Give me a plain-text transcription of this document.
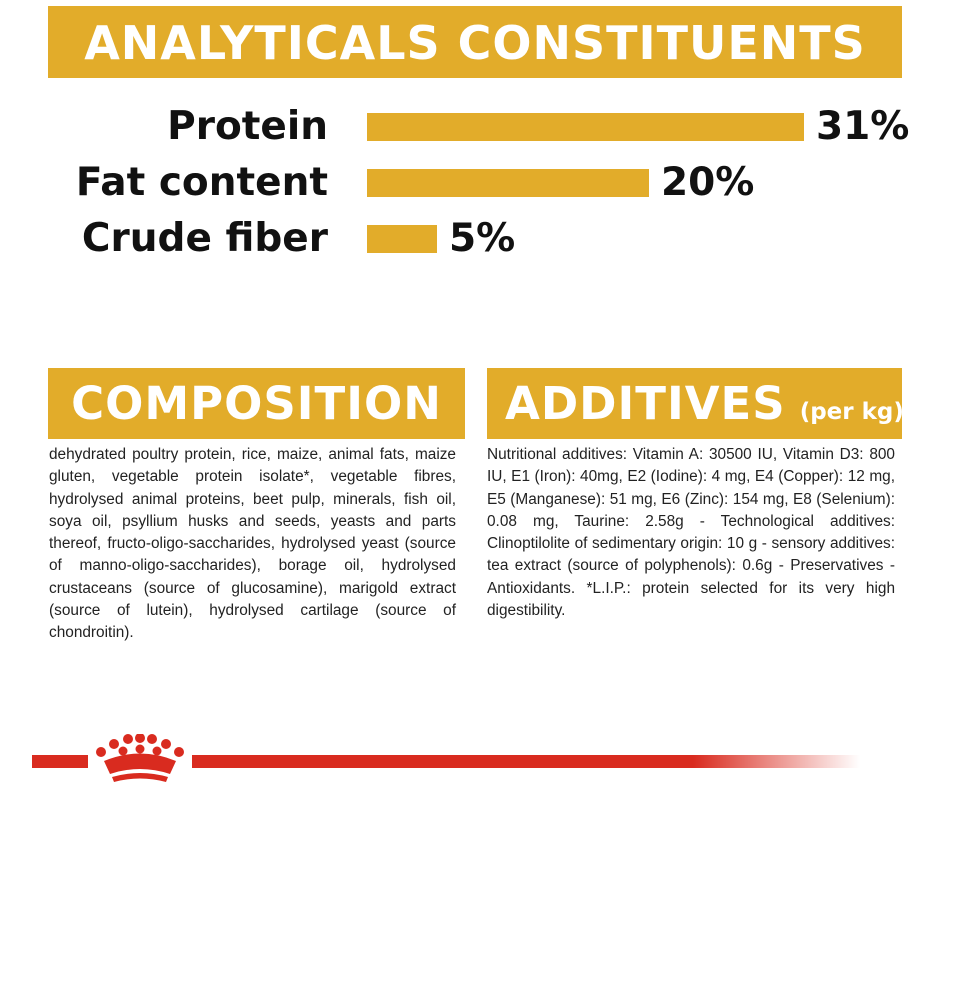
ANALYTICALS CONSTITUENTS
Protein	31%
Fat content	20%
Crude fiber	5%
COMPOSITION

dehydrated poultry protein, rice, maize, animal fats, maize gluten, vegetable protein isolate*, vegetable fibres, hydrolysed animal proteins, beet pulp, minerals, fish oil, soya oil, psyllium husks and seeds, yeasts and parts thereof, fructo-oligo-saccharides, hydrolysed yeast (source of manno-oligo-saccharides), borage oil, hydrolysed crustaceans (source of glucosamine), marigold extract (source of lutein), hydrolysed cartilage (source of chondroitin).

ADDITIVES (per kg)

Nutritional additives: Vitamin A: 30500 IU, Vitamin D3: 800 IU, E1 (Iron): 40mg, E2 (Iodine): 4 mg, E4 (Copper): 12 mg, E5 (Manganese): 51 mg, E6 (Zinc): 154 mg, E8 (Selenium): 0.08 mg, Taurine: 2.58g - Technological additives: Clinoptilolite of sedimentary origin: 10 g - sensory additives: tea extract (source of polyphenols): 0.6g - Preservatives - Antioxidants. *L.I.P.: protein selected for its very high digestibility.
